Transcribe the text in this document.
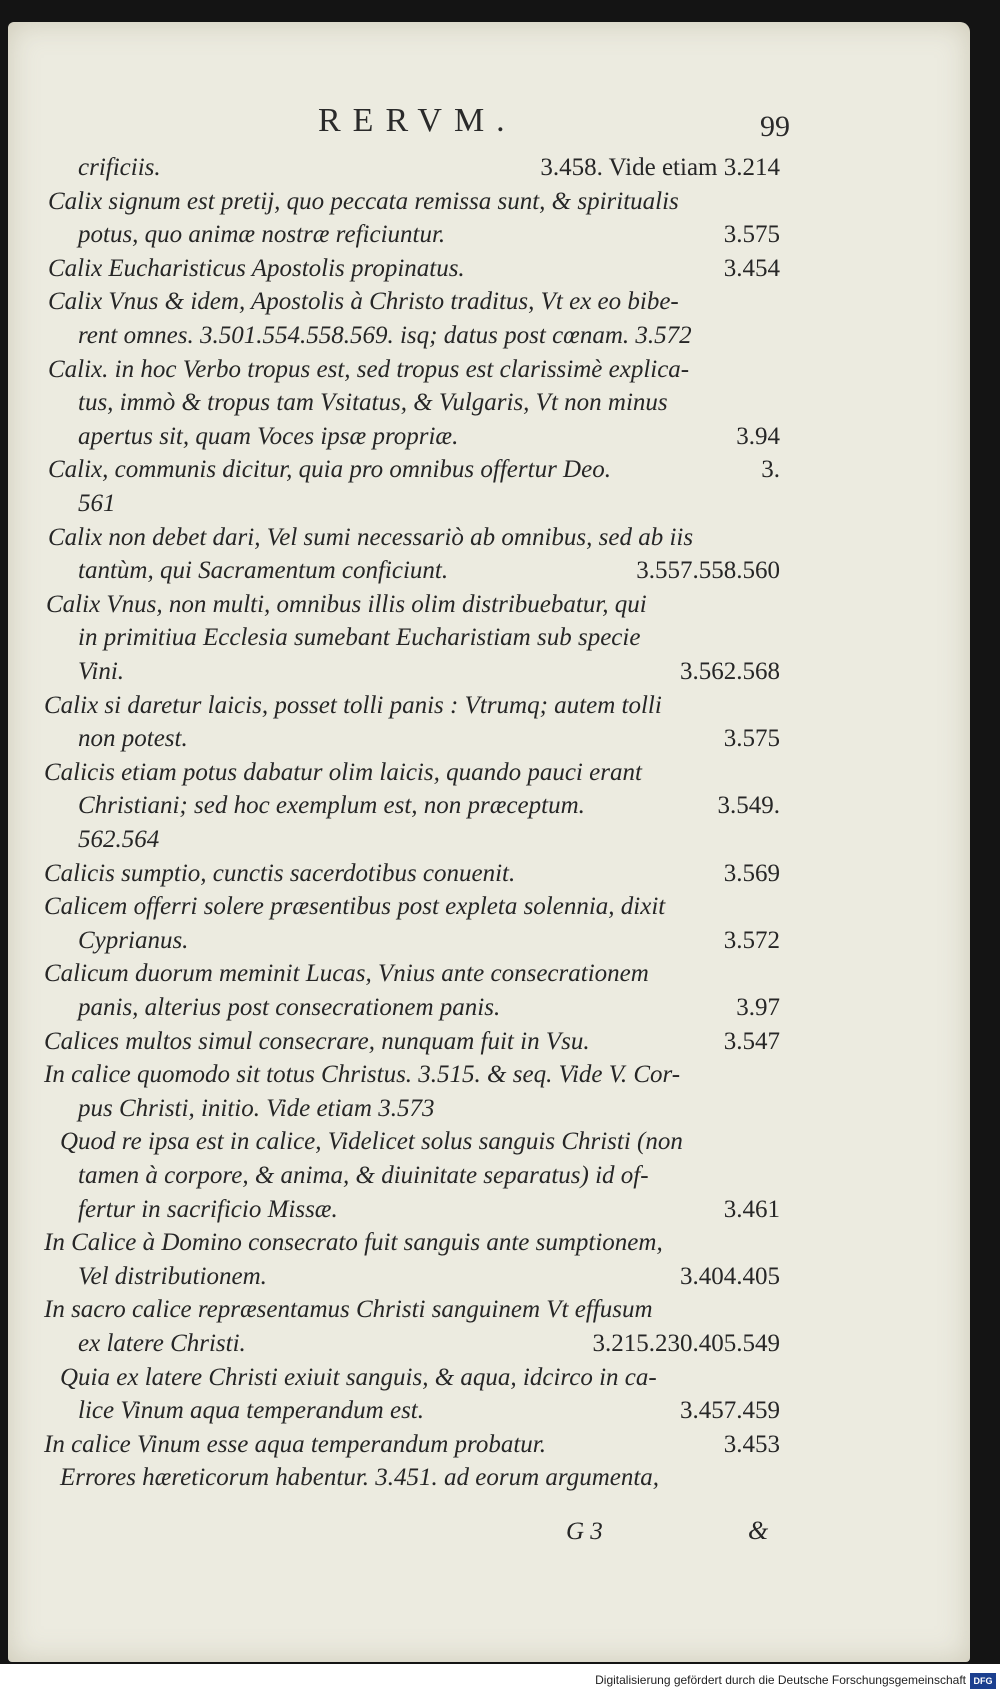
RERVM.	99
crificiis.	3.458. Vide etiam 3.214
Calix signum est pretij, quo peccata remissa sunt, & spiritualis
potus, quo animæ nostræ reficiuntur.	3.575
Calix Eucharisticus Apostolis propinatus.	3.454
Calix Vnus & idem, Apostolis à Christo traditus, Vt ex eo bibe-
rent omnes. 3.501.554.558.569. isq; datus post cœnam. 3.572
Calix. in hoc Verbo tropus est, sed tropus est clarissimè explica-
tus, immò & tropus tam Vsitatus, & Vulgaris, Vt non minus
apertus sit, quam Voces ipsæ propriæ.	3.94
Calix, communis dicitur, quia pro omnibus offertur Deo.	3.
561
Calix non debet dari, Vel sumi necessariò ab omnibus, sed ab iis
tantùm, qui Sacramentum conficiunt.	3.557.558.560
Calix Vnus, non multi, omnibus illis olim distribuebatur, qui
in primitiua Ecclesia sumebant Eucharistiam sub specie
Vini.	3.562.568
Calix si daretur laicis, posset tolli panis : Vtrumq; autem tolli
non potest.	3.575
Calicis etiam potus dabatur olim laicis, quando pauci erant
Christiani; sed hoc exemplum est, non præceptum.	3.549.
562.564
Calicis sumptio, cunctis sacerdotibus conuenit.	3.569
Calicem offerri solere præsentibus post expleta solennia, dixit
Cyprianus.	3.572
Calicum duorum meminit Lucas, Vnius ante consecrationem
panis, alterius post consecrationem panis.	3.97
Calices multos simul consecrare, nunquam fuit in Vsu.	3.547
In calice quomodo sit totus Christus. 3.515. & seq. Vide V. Cor-
pus Christi, initio. Vide etiam 3.573
Quod re ipsa est in calice, Videlicet solus sanguis Christi (non
tamen à corpore, & anima, & diuinitate separatus) id of-
fertur in sacrificio Missæ.	3.461
In Calice à Domino consecrato fuit sanguis ante sumptionem,
Vel distributionem.	3.404.405
In sacro calice repræsentamus Christi sanguinem Vt effusum
ex latere Christi.	3.215.230.405.549
Quia ex latere Christi exiuit sanguis, & aqua, idcirco in ca-
lice Vinum aqua temperandum est.	3.457.459
In calice Vinum esse aqua temperandum probatur.	3.453
Errores hæreticorum habentur. 3.451. ad eorum argumenta,
G 3	&
Digitalisierung gefördert durch die Deutsche Forschungsgemeinschaft DFG
